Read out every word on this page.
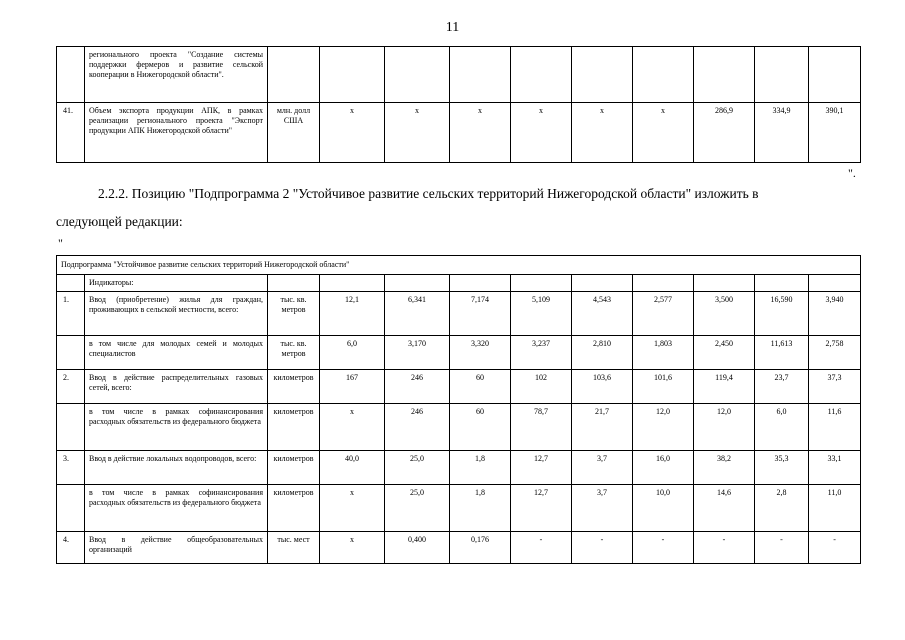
11
	регионального проекта "Создание системы поддержки фермеров и развитие сельской кооперации в Нижегородской области".										
41.	Объем экспорта продукции АПК, в рамках реализации регионального проекта "Экспорт продукции АПК Нижегородской области"	млн. долл США	x	x	x	x	x	x	286,9	334,9	390,1
".
2.2.2. Позицию "Подпрограмма 2 "Устойчивое развитие сельских территорий Нижегородской области" изложить в
следующей редакции:
"
Подпрограмма "Устойчивое развитие сельских территорий Нижегородской области"											
	Индикаторы:										
1.	Ввод (приобретение) жилья для граждан, проживающих в сельской местности, всего:	тыс. кв. метров	12,1	6,341	7,174	5,109	4,543	2,577	3,500	16,590	3,940
	в том числе для молодых семей и молодых специалистов	тыс. кв. метров	6,0	3,170	3,320	3,237	2,810	1,803	2,450	11,613	2,758
2.	Ввод в действие распределительных газовых сетей, всего:	километров	167	246	60	102	103,6	101,6	119,4	23,7	37,3
	в том числе в рамках софинансирования расходных обязательств из федерального бюджета	километров	x	246	60	78,7	21,7	12,0	12,0	6,0	11,6
3.	Ввод в действие локальных водопроводов, всего:	километров	40,0	25,0	1,8	12,7	3,7	16,0	38,2	35,3	33,1
	в том числе в рамках софинансирования расходных обязательств из федерального бюджета	километров	x	25,0	1,8	12,7	3,7	10,0	14,6	2,8	11,0
4.	Ввод в действие общеобразовательных организаций	тыс. мест	x	0,400	0,176	-	-	-	-	-	-
